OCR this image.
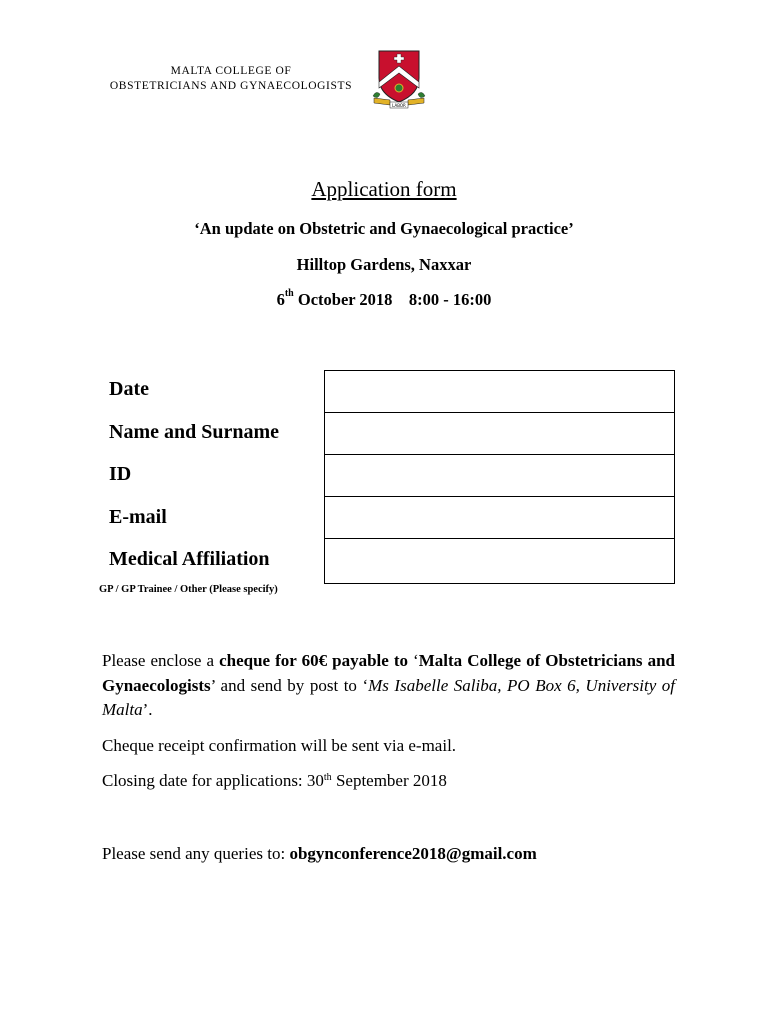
MALTA COLLEGE OF
OBSTETRICIANS AND GYNAECOLOGISTS
LABOR
Application form
‘An update on Obstetric and Gynaecological practice’
Hilltop Gardens, Naxxar
6th October 2018 8:00 - 16:00
Date
Name and Surname
ID
E-mail
Medical Affiliation
GP / GP Trainee / Other (Please specify)
Please enclose a cheque for 60€ payable to ‘Malta College of Obstetricians and Gynaecologists’ and send by post to ‘Ms Isabelle Saliba, PO Box 6, University of Malta’.
Cheque receipt confirmation will be sent via e-mail.
Closing date for applications: 30th September 2018
Please send any queries to: obgynconference2018@gmail.com
